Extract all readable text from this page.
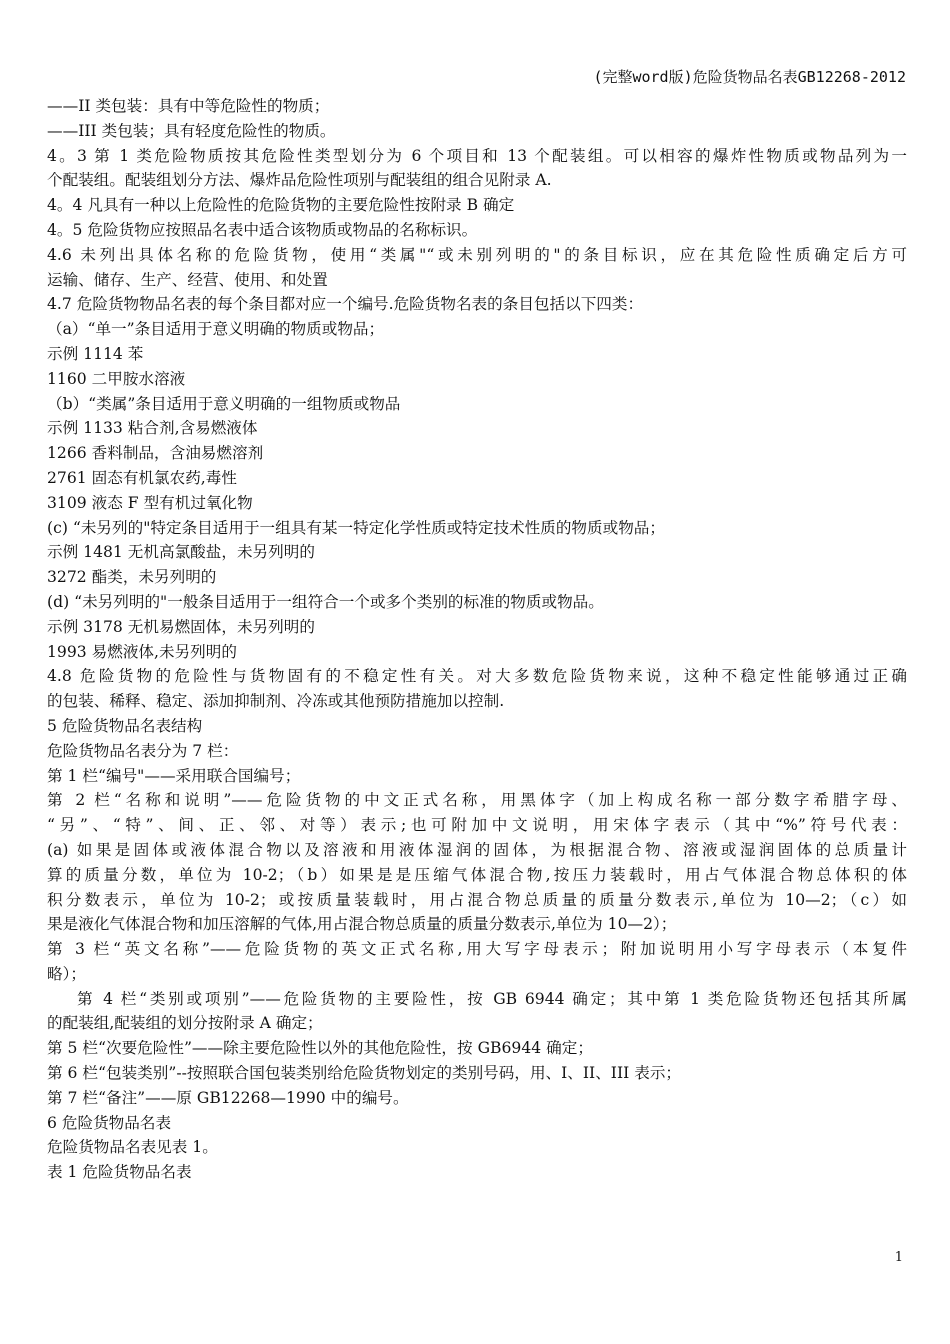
(完整word版)危险货物品名表GB12268-2012
——II 类包装：具有中等危险性的物质；
——III 类包装；具有轻度危险性的物质。
4。3 第 1 类危险物质按其危险性类型划分为 6 个项目和 13 个配装组。可以相容的爆炸性物质或物品列为一
个配装组。配装组划分方法、爆炸品危险性项别与配装组的组合见附录 A.
4。4 凡具有一种以上危险性的危险货物的主要危险性按附录 B 确定
4。5 危险货物应按照品名表中适合该物质或物品的名称标识。
4.6 未列出具体名称的危险货物，使用“类属"“或未别列明的"的条目标识，应在其危险性质确定后方可
运输、储存、生产、经营、使用、和处置
4.7 危险货物物品名表的每个条目都对应一个编号.危险货物名表的条目包括以下四类：
（a）“单一”条目适用于意义明确的物质或物品；
示例 1114 苯
1160 二甲胺水溶液
（b）“类属”条目适用于意义明确的一组物质或物品
示例 1133 粘合剂,含易燃液体
1266 香料制品，含油易燃溶剂
2761 固态有机氯农药,毒性
3109 液态 F 型有机过氧化物
(c) “未另列的"特定条目适用于一组具有某一特定化学性质或特定技术性质的物质或物品；
示例 1481 无机高氯酸盐，未另列明的
3272 酯类，未另列明的
(d) “未另列明的"一般条目适用于一组符合一个或多个类别的标准的物质或物品。
示例 3178 无机易燃固体，未另列明的
1993 易燃液体,未另列明的
4.8 危险货物的危险性与货物固有的不稳定性有关。对大多数危险货物来说，这种不稳定性能够通过正确
的包装、稀释、稳定、添加抑制剂、冷冻或其他预防措施加以控制.
5 危险货物品名表结构
危险货物品名表分为 7 栏：
第 1 栏“编号"——采用联合国编号；
第 2 栏“名称和说明”——危险货物的中文正式名称，用黑体字（加上构成名称一部分数字希腊字母、
“另”、“特”、间、正、邻、对等）表示;也可附加中文说明，用宋体字表示（其中“%”符号代表：
(a) 如果是固体或液体混合物以及溶液和用液体湿润的固体，为根据混合物、溶液或湿润固体的总质量计
算的质量分数，单位为 10-2；（b）如果是是压缩气体混合物,按压力装载时，用占气体混合物总体积的体
积分数表示，单位为 10-2；或按质量装载时，用占混合物总质量的质量分数表示,单位为 10—2；（c）如
果是液化气体混合物和加压溶解的气体,用占混合物总质量的质量分数表示,单位为 10—2）；
第 3 栏“英文名称”——危险货物的英文正式名称,用大写字母表示；附加说明用小写字母表示（本复件
略）；
第 4 栏“类别或项别”——危险货物的主要险性，按 GB 6944 确定；其中第 1 类危险货物还包括其所属
的配装组,配装组的划分按附录 A 确定；
第 5 栏“次要危险性”——除主要危险性以外的其他危险性，按 GB6944 确定；
第 6 栏“包装类别”--按照联合国包装类别给危险货物划定的类别号码，用、I、II、III 表示；
第 7 栏“备注”——原 GB12268—1990 中的编号。
6 危险货物品名表
危险货物品名表见表 1。
表 1 危险货物品名表
1
